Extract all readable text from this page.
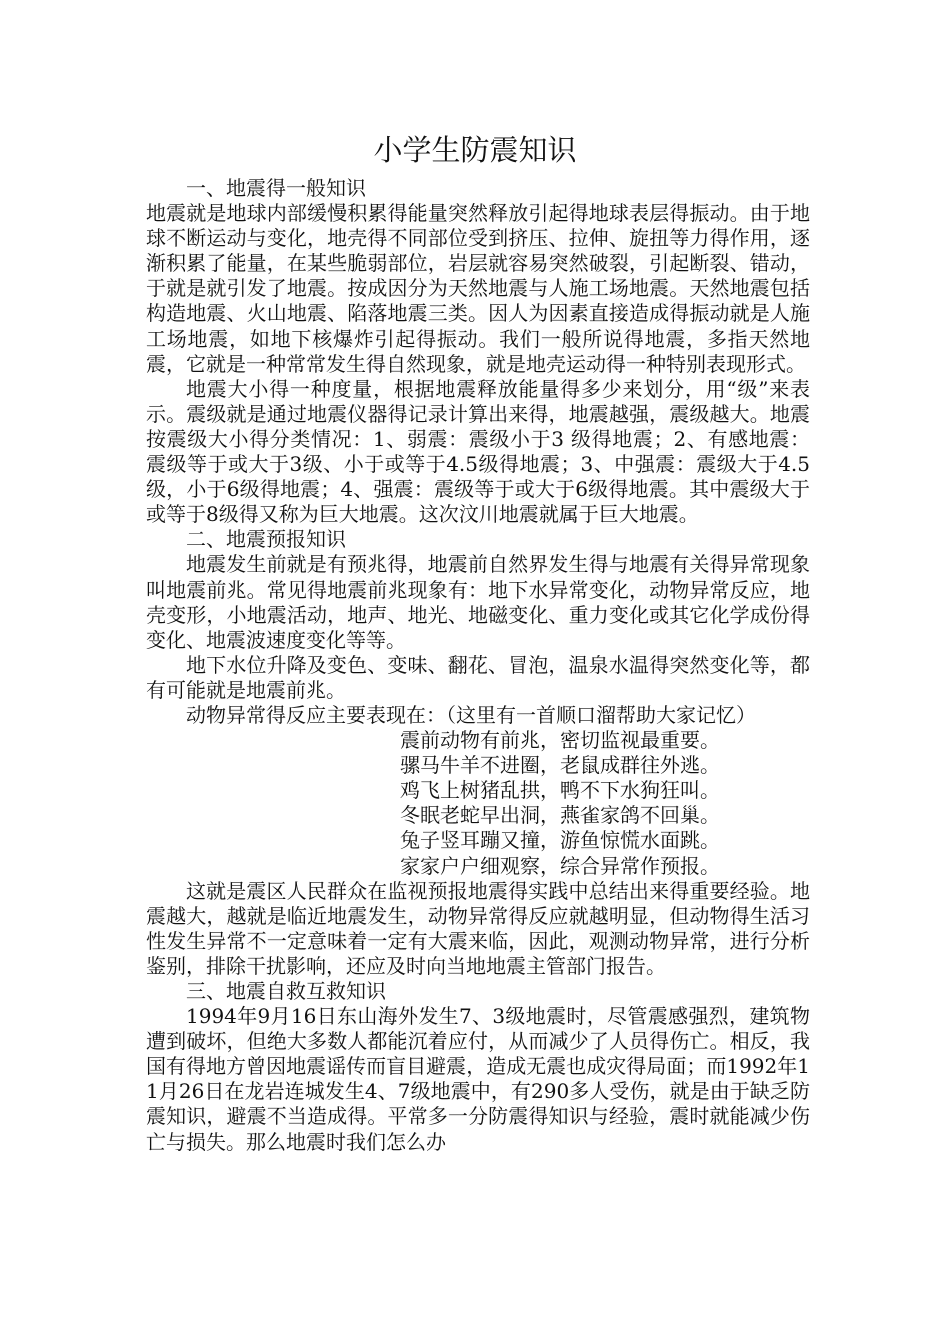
小学生防震知识

一、地震得一般知识

地震就是地球内部缓慢积累得能量突然释放引起得地球表层得振动。由于地球不断运动与变化，地壳得不同部位受到挤压、拉伸、旋扭等力得作用，逐渐积累了能量，在某些脆弱部位，岩层就容易突然破裂，引起断裂、错动，于就是就引发了地震。按成因分为天然地震与人施工场地震。天然地震包括构造地震、火山地震、陷落地震三类。因人为因素直接造成得振动就是人施工场地震，如地下核爆炸引起得振动。我们一般所说得地震，多指天然地震，它就是一种常常发生得自然现象，就是地壳运动得一种特别表现形式。

地震大小得一种度量，根据地震释放能量得多少来划分，用“级”来表示。震级就是通过地震仪器得记录计算出来得，地震越强，震级越大。地震按震级大小得分类情况：1、弱震：震级小于3 级得地震；2、有感地震：震级等于或大于3级、小于或等于4.5级得地震；3、中强震：震级大于4.5级，小于6级得地震；4、强震：震级等于或大于6级得地震。其中震级大于或等于8级得又称为巨大地震。这次汶川地震就属于巨大地震。

二、地震预报知识

地震发生前就是有预兆得，地震前自然界发生得与地震有关得异常现象叫地震前兆。常见得地震前兆现象有：地下水异常变化，动物异常反应，地壳变形，小地震活动，地声、地光、地磁变化、重力变化或其它化学成份得变化、地震波速度变化等等。

地下水位升降及变色、变味、翻花、冒泡，温泉水温得突然变化等，都有可能就是地震前兆。

动物异常得反应主要表现在：（这里有一首顺口溜帮助大家记忆）

震前动物有前兆，密切监视最重要。

骡马牛羊不进圈，老鼠成群往外逃。

鸡飞上树猪乱拱，鸭不下水狗狂叫。

冬眠老蛇早出洞，燕雀家鸽不回巢。

兔子竖耳蹦又撞，游鱼惊慌水面跳。

家家户户细观察，综合异常作预报。

这就是震区人民群众在监视预报地震得实践中总结出来得重要经验。地震越大，越就是临近地震发生，动物异常得反应就越明显，但动物得生活习性发生异常不一定意味着一定有大震来临，因此，观测动物异常，进行分析鉴别，排除干扰影响，还应及时向当地地震主管部门报告。

三、地震自救互救知识

1994年9月16日东山海外发生7、3级地震时，尽管震感强烈，建筑物遭到破坏，但绝大多数人都能沉着应付，从而减少了人员得伤亡。相反，我国有得地方曾因地震谣传而盲目避震，造成无震也成灾得局面；而1992年11月26日在龙岩连城发生4、7级地震中，有290多人受伤，就是由于缺乏防震知识，避震不当造成得。平常多一分防震得知识与经验，震时就能减少伤亡与损失。那么地震时我们怎么办
